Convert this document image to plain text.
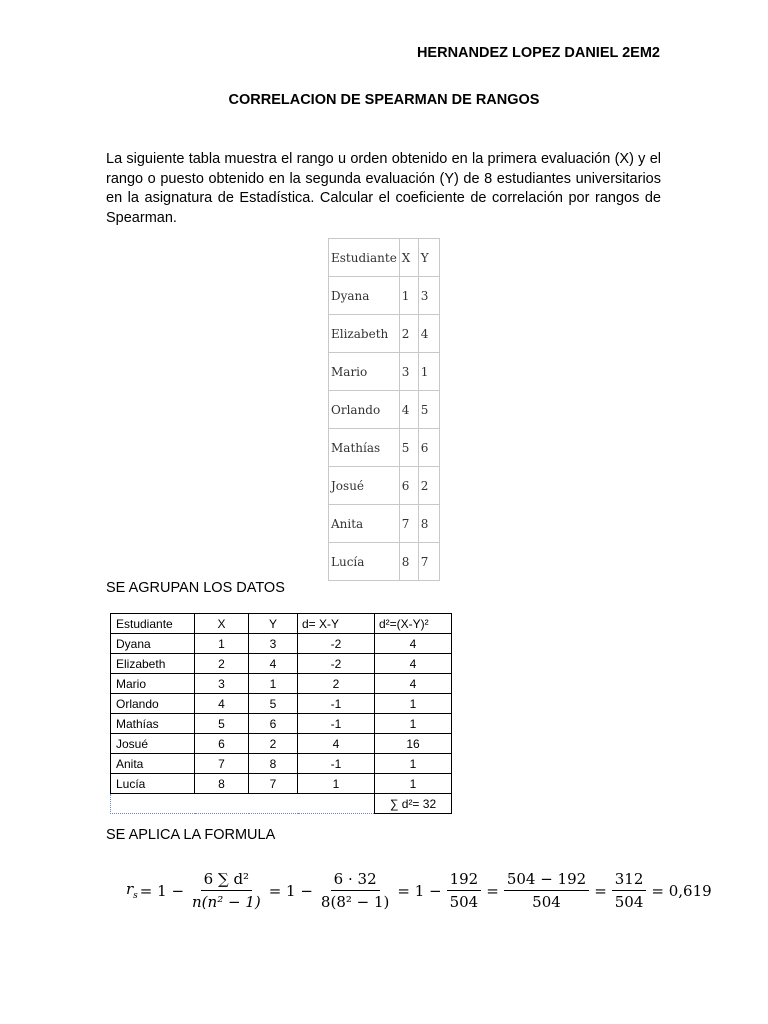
HERNANDEZ LOPEZ DANIEL 2EM2
CORRELACION DE SPEARMAN DE RANGOS
La siguiente tabla muestra el rango u orden obtenido en la primera evaluación (X) y el rango o puesto obtenido en la segunda evaluación (Y) de 8 estudiantes universitarios en la asignatura de Estadística. Calcular el coeficiente de correlación por rangos de Spearman.
Estudiante	X	Y
Dyana	1	3
Elizabeth	2	4
Mario	3	1
Orlando	4	5
Mathías	5	6
Josué	6	2
Anita	7	8
Lucía	8	7
SE AGRUPAN LOS DATOS
Estudiante	X	Y	d= X-Y	d²=(X-Y)²
Dyana	1	3	-2	4
Elizabeth	2	4	-2	4
Mario	3	1	2	4
Orlando	4	5	-1	1
Mathías	5	6	-1	1
Josué	6	2	4	16
Anita	7	8	-1	1
Lucía	8	7	1	1
				∑ d²= 32
SE APLICA LA FORMULA
$r_s = 1 - \frac{\text{6 ∑ d²}}{\text{n(n² − 1)}} = 1 - \frac{6 \cdot 32}{\text{8(8² − 1)}} = 1 - \frac{192}{504} = \frac{504 - 192}{504} = \frac{312}{504} = 0,619$
